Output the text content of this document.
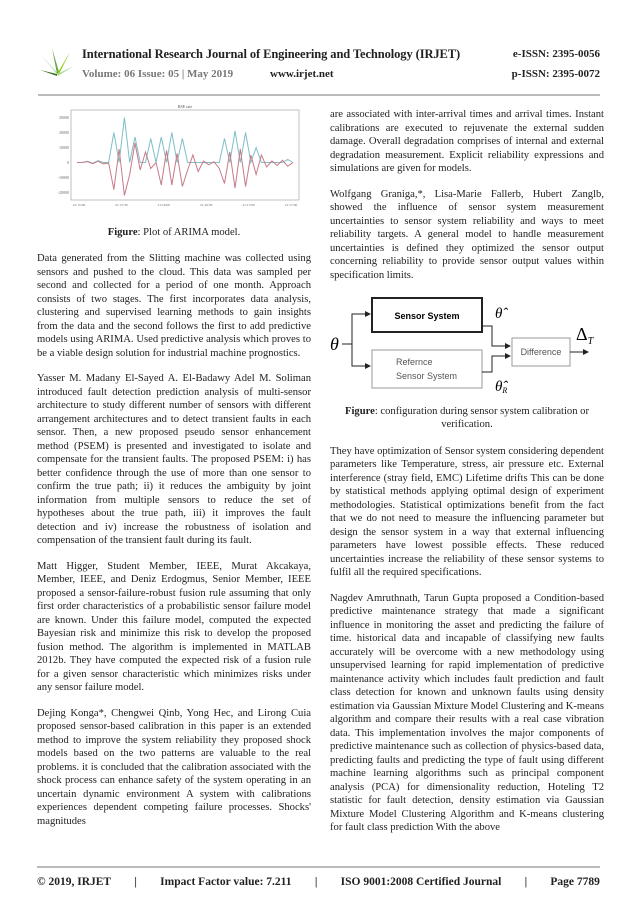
International Research Journal of Engineering and Technology (IRJET)
Volume: 06 Issue: 05 | May 2019	www.irjet.net
e-ISSN: 2395-0056
p-ISSN: 2395-0072
RSE rate
30000
20000
10000
0
-10000
-20000
21:15:00	21:15:30	21:16:00	21:16:30	21:17:00	21:17:30
Figure: Plot of ARIMA model.

Data generated from the Slitting machine was collected using sensors and pushed to the cloud. This data was sampled per second and collected for a period of one month. Approach consists of two stages. The first incorporates data analysis, clustering and supervised learning methods to gain insights from the data and the second follows the first to add predictive models using ARIMA. Used predictive analysis which proves to be a viable design solution for industrial machine prognostics.

Yasser M. Madany El-Sayed A. El-Badawy Adel M. Soliman introduced fault detection prediction analysis of multi-sensor architecture to study different number of sensors with different arrangement architectures and to detect transient faults in each sensor. Then, a new proposed pseudo sensor enhancement method (PSEM) is presented and investigated to isolate and compensate for the transient faults. The proposed PSEM: i) has better confidence through the use of more than one sensor to confirm the true path; ii) it reduces the ambiguity by joint information from multiple sensors to reduce the set of hypotheses about the true path, iii) it improves the fault detection and iv) increase the robustness of isolation and compensation of the transient fault during its fault.

Matt Higger, Student Member, IEEE, Murat Akcakaya, Member, IEEE, and Deniz Erdogmus, Senior Member, IEEE proposed a sensor-failure-robust fusion rule assuming that only first order characteristics of a probabilistic sensor failure model are known. Under this failure model, computed the expected Bayesian risk and minimize this risk to develop the proposed fusion method. The algorithm is implemented in MATLAB 2012b. They have computed the expected risk of a fusion rule for a given sensor characteristic which minimizes risks under any sensor failure model.

Dejing Konga*, Chengwei Qinb, Yong Hec, and Lirong Cuia proposed sensor-based calibration in this paper is an extended method to improve the system reliability they proposed shock models based on the two patterns are valuable to the real problems. it is concluded that the calibration associated with the shock process can enhance safety of the system operating in an uncertain dynamic environment A system with calibrations experiences dependent competing failure processes. Shocks' magnitudes

are associated with inter-arrival times and arrival times. Instant calibrations are executed to rejuvenate the external sudden damage. Overall degradation comprises of internal and external degradation measurement. Explicit reliability expressions and simulations are given for models.

Wolfgang Graniga,*, Lisa-Marie Fallerb, Hubert Zanglb, showed the influence of sensor system measurement uncertainties to sensor system reliability and ways to meet reliability targets. A general model to handle measurement uncertainties is defined they optimized the sensor output concerning reliability to provide sensor output values within specification limits.

θ
Sensor System
Refernce
Sensor System
θ̂
θ̂R
Difference
$\Delta_T$
Figure: configuration during sensor system calibration or verification.

They have optimization of Sensor system considering dependent parameters like Temperature, stress, air pressure etc. External interference (stray field, EMC) Lifetime drifts This can be done by statistical methods applying optimal design of experiment methodologies. Statistical optimizations benefit from the fact that we do not need to measure the influencing parameter but design the sensor system in a way that external influencing parameters have lowest possible effects. These reduced uncertainties increase the reliability of these sensor systems to fulfil all the required specifications.

Nagdev Amruthnath, Tarun Gupta proposed a Condition-based predictive maintenance strategy that made a significant influence in monitoring the asset and predicting the failure of time. historical data and incapable of classifying new faults accurately will be overcome with a new methodology using unsupervised learning for rapid implementation of predictive maintenance activity which includes fault prediction and fault class detection for known and unknown faults using density estimation via Gaussian Mixture Model Clustering and K-means algorithm and compare their results with a real case vibration data. This implementation involves the major components of predictive maintenance such as collection of physics-based data, predicting faults and predicting the type of fault using different machine learning algorithms such as principal component analysis (PCA) for dimensionality reduction, Hoteling T2 statistic for fault detection, density estimation via Gaussian Mixture Model Clustering Algorithm and K-means clustering for fault class prediction With the above

© 2019, IRJET | Impact Factor value: 7.211 | ISO 9001:2008 Certified Journal | Page 7789
